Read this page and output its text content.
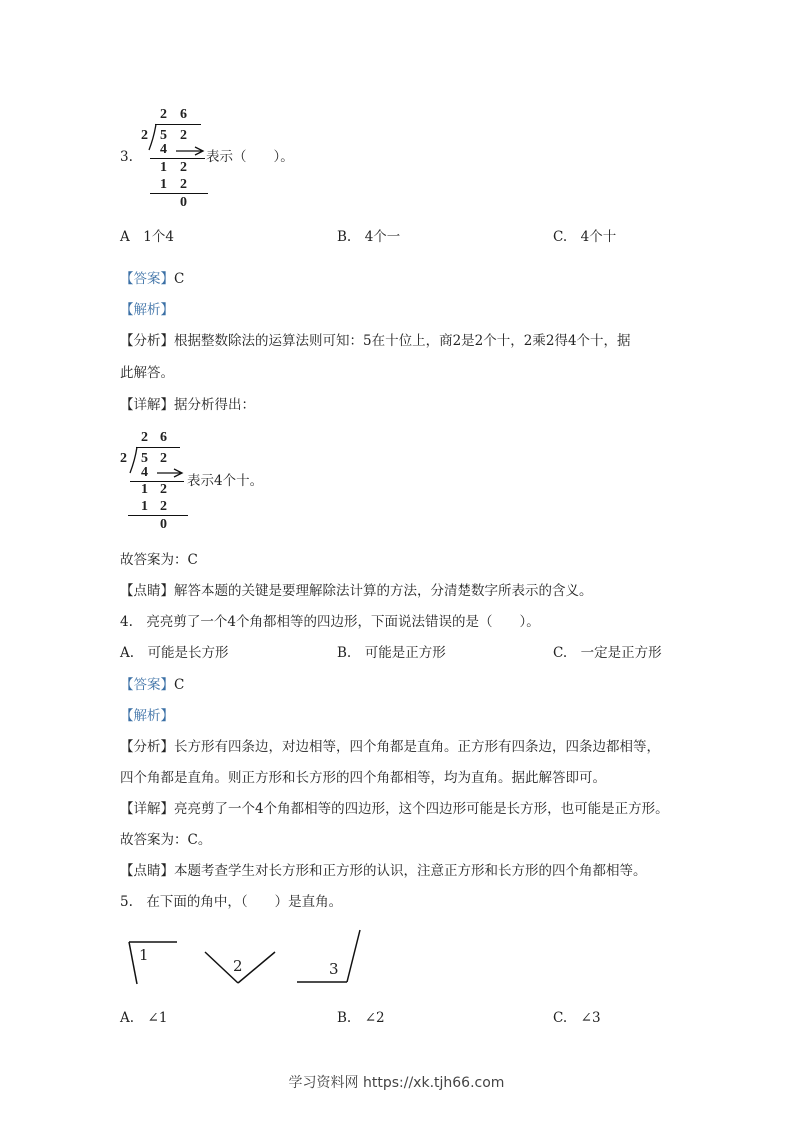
2 6
2 5 2
4	表示（　　）。
1 2
1 2
0
3.
A　1个4	B.　4个一	C.　4个十
【答案】C
【解析】
【分析】根据整数除法的运算法则可知：5在十位上，商2是2个十，2乘2得4个十，据
此解答。
【详解】据分析得出：
2 6
2 5 2
4
表示4个十。
1 2
1 2
0
故答案为：C
【点睛】解答本题的关键是要理解除法计算的方法，分清楚数字所表示的含义。
4.　亮亮剪了一个4个角都相等的四边形，下面说法错误的是（　　）。
A.　可能是长方形	B.　可能是正方形	C.　一定是正方形
【答案】C
【解析】
【分析】长方形有四条边，对边相等，四个角都是直角。正方形有四条边，四条边都相等，
四个角都是直角。则正方形和长方形的四个角都相等，均为直角。据此解答即可。
【详解】亮亮剪了一个4个角都相等的四边形，这个四边形可能是长方形，也可能是正方形。
故答案为：C。
【点睛】本题考查学生对长方形和正方形的认识，注意正方形和长方形的四个角都相等。
5.　在下面的角中，（　　）是直角。
1
2	3
A.　∠1	B.　∠2	C.　∠3
学习资料网 https://xk.tjh66.com
